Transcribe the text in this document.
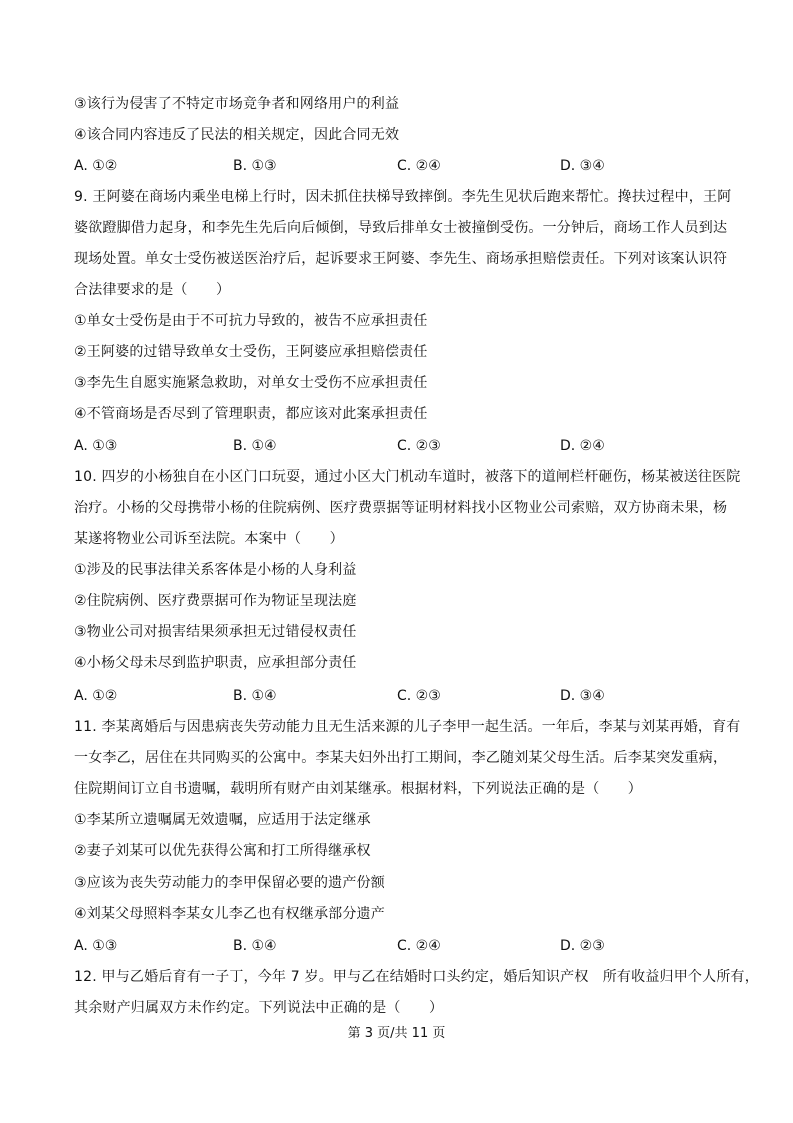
③该行为侵害了不特定市场竞争者和网络用户的利益
④该合同内容违反了民法的相关规定，因此合同无效
A. ①②	B. ①③	C. ②④	D. ③④
9. 王阿婆在商场内乘坐电梯上行时，因未抓住扶梯导致摔倒。李先生见状后跑来帮忙。搀扶过程中，王阿
婆欲蹬脚借力起身，和李先生先后向后倾倒，导致后排单女士被撞倒受伤。一分钟后，商场工作人员到达
现场处置。单女士受伤被送医治疗后，起诉要求王阿婆、李先生、商场承担赔偿责任。下列对该案认识符
合法律要求的是（　　）
①单女士受伤是由于不可抗力导致的，被告不应承担责任
②王阿婆的过错导致单女士受伤，王阿婆应承担赔偿责任
③李先生自愿实施紧急救助，对单女士受伤不应承担责任
④不管商场是否尽到了管理职责，都应该对此案承担责任
A. ①③	B. ①④	C. ②③	D. ②④
10. 四岁的小杨独自在小区门口玩耍，通过小区大门机动车道时，被落下的道闸栏杆砸伤，杨某被送往医院
治疗。小杨的父母携带小杨的住院病例、医疗费票据等证明材料找小区物业公司索赔，双方协商未果，杨
某遂将物业公司诉至法院。本案中（　　）
①涉及的民事法律关系客体是小杨的人身利益
②住院病例、医疗费票据可作为物证呈现法庭
③物业公司对损害结果须承担无过错侵权责任
④小杨父母未尽到监护职责，应承担部分责任
A. ①②	B. ①④	C. ②③	D. ③④
11. 李某离婚后与因患病丧失劳动能力且无生活来源的儿子李甲一起生活。一年后，李某与刘某再婚，育有
一女李乙，居住在共同购买的公寓中。李某夫妇外出打工期间，李乙随刘某父母生活。后李某突发重病，
住院期间订立自书遗嘱，载明所有财产由刘某继承。根据材料，下列说法正确的是（　　）
①李某所立遗嘱属无效遗嘱，应适用于法定继承
②妻子刘某可以优先获得公寓和打工所得继承权
③应该为丧失劳动能力的李甲保留必要的遗产份额
④刘某父母照料李某女儿李乙也有权继承部分遗产
A. ①③	B. ①④	C. ②④	D. ②③
12. 甲与乙婚后育有一子丁，今年 7 岁。甲与乙在结婚时口头约定，婚后知识产权　所有收益归甲个人所有，
其余财产归属双方未作约定。下列说法中正确的是（　　）
第 3 页/共 11 页
